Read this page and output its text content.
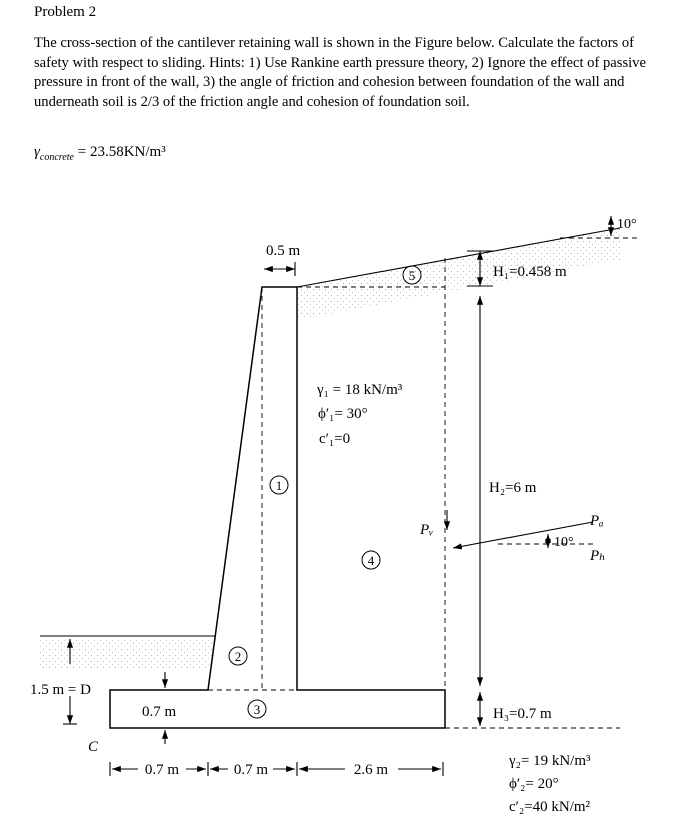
Problem 2
The cross-section of the cantilever retaining wall is shown in the Figure below. Calculate the factors of safety with respect to sliding. Hints: 1) Use Rankine earth pressure theory, 2) Ignore the effect of passive pressure in front of the wall, 3) the angle of friction and cohesion between foundation of the wall and underneath soil is 2/3 of the friction angle and cohesion of foundation soil.
$\gamma_{concrete} = 23.58KN/m^3$
1
2
3
4
5
10°
0.5 m
H₁=0.458 m
γ₁ = 18 kN/m³
ϕ′₁= 30°
c′₁=0
H₂=6 m
Pᵥ
Pₐ
10°
Pₕ
1.5 m = D
0.7 m	H₃=0.7 m
C
0.7 m	0.7 m	2.6 m
γ₂= 19 kN/m³
ϕ′₂= 20°
c′₂=40 kN/m²
